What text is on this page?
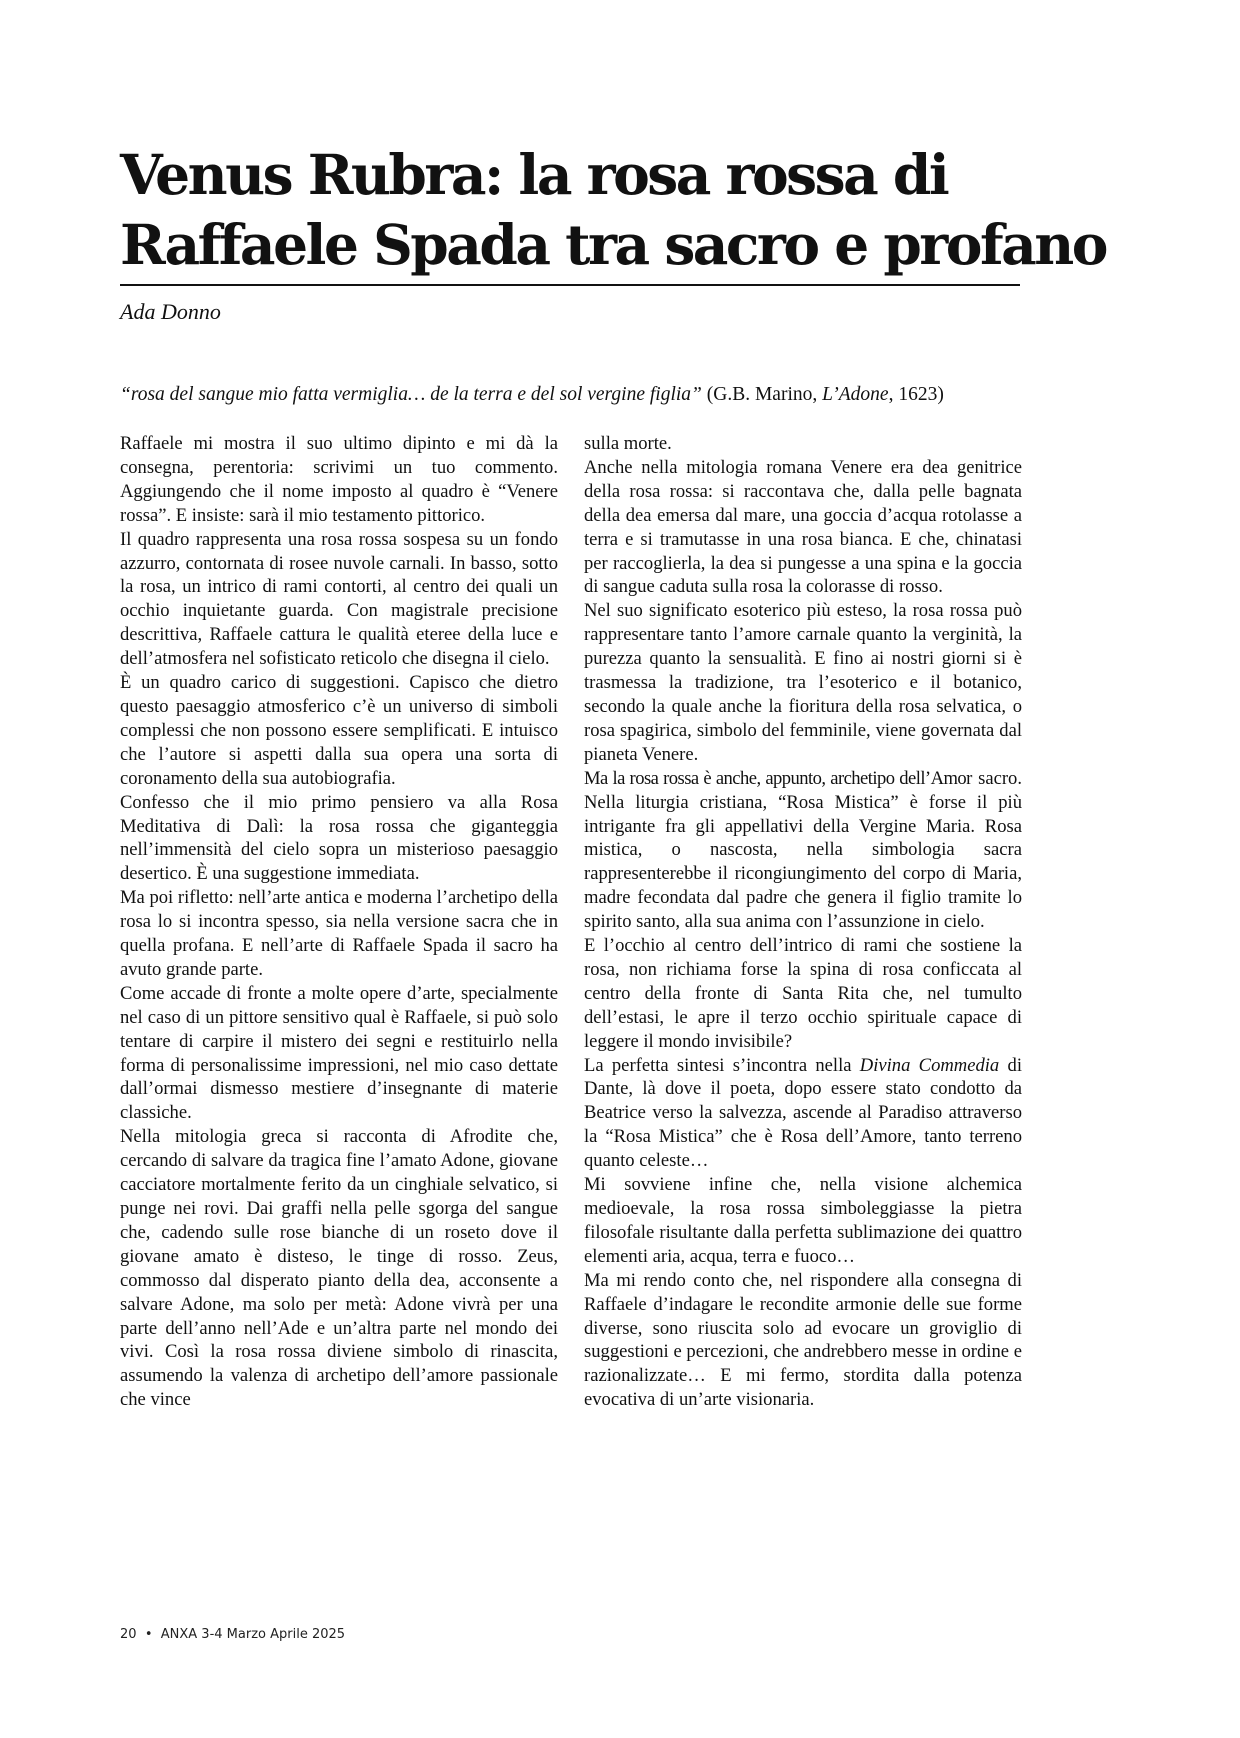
Venus Rubra: la rosa rossa di
Raffaele Spada tra sacro e profano
Ada Donno
“rosa del sangue mio fatta vermiglia… de la terra e del sol vergine figlia” (G.B. Marino, L’Adone, 1623)

Raffaele mi mostra il suo ultimo dipinto e mi dà la consegna, perentoria: scrivimi un tuo commento. Aggiungendo che il nome imposto al quadro è “Venere rossa”. E insiste: sarà il mio testamento pittorico.

Il quadro rappresenta una rosa rossa sospesa su un fondo azzurro, contornata di rosee nuvole carnali. In basso, sotto la rosa, un intrico di rami contorti, al centro dei quali un occhio inquietante guarda. Con magistrale precisione descrittiva, Raffaele cattura le qualità eteree della luce e dell’atmosfera nel sofisticato reticolo che disegna il cielo.

È un quadro carico di suggestioni. Capisco che dietro questo paesaggio atmosferico c’è un universo di simboli complessi che non possono essere semplificati. E intuisco che l’autore si aspetti dalla sua opera una sorta di coronamento della sua autobiografia.

Confesso che il mio primo pensiero va alla Rosa Meditativa di Dalì: la rosa rossa che giganteggia nell’immensità del cielo sopra un misterioso paesaggio desertico. È una suggestione immediata.

Ma poi rifletto: nell’arte antica e moderna l’archetipo della rosa lo si incontra spesso, sia nella versione sacra che in quella profana. E nell’arte di Raffaele Spada il sacro ha avuto grande parte.

Come accade di fronte a molte opere d’arte, specialmente nel caso di un pittore sensitivo qual è Raffaele, si può solo tentare di carpire il mistero dei segni e restituirlo nella forma di personalissime impressioni, nel mio caso dettate dall’ormai dismesso mestiere d’insegnante di materie classiche.

Nella mitologia greca si racconta di Afrodite che, cercando di salvare da tragica fine l’amato Adone, giovane cacciatore mortalmente ferito da un cinghiale selvatico, si punge nei rovi. Dai graffi nella pelle sgorga del sangue che, cadendo sulle rose bianche di un roseto dove il giovane amato è disteso, le tinge di rosso. Zeus, commosso dal disperato pianto della dea, acconsente a salvare Adone, ma solo per metà: Adone vivrà per una parte dell’anno nell’Ade e un’altra parte nel mondo dei vivi. Così la rosa rossa diviene simbolo di rinascita, assumendo la valenza di archetipo dell’amore passionale che vince

sulla morte.

Anche nella mitologia romana Venere era dea genitrice della rosa rossa: si raccontava che, dalla pelle bagnata della dea emersa dal mare, una goccia d’acqua rotolasse a terra e si tramutasse in una rosa bianca. E che, chinatasi per raccoglierla, la dea si pungesse a una spina e la goccia di sangue caduta sulla rosa la colorasse di rosso.

Nel suo significato esoterico più esteso, la rosa rossa può rappresentare tanto l’amore carnale quanto la verginità, la purezza quanto la sensualità. E fino ai nostri giorni si è trasmessa la tradizione, tra l’esoterico e il botanico, secondo la quale anche la fioritura della rosa selvatica, o rosa spagirica, simbolo del femminile, viene governata dal pianeta Venere.

Ma la rosa rossa è anche, appunto, archetipo dell’Amor sacro. Nella liturgia cristiana, “Rosa Mistica” è forse il più intrigante fra gli appellativi della Vergine Maria. Rosa mistica, o nascosta, nella simbologia sacra rappresenterebbe il ricongiungimento del corpo di Maria, madre fecondata dal padre che genera il figlio tramite lo spirito santo, alla sua anima con l’assunzione in cielo.

E l’occhio al centro dell’intrico di rami che sostiene la rosa, non richiama forse la spina di rosa conficcata al centro della fronte di Santa Rita che, nel tumulto dell’estasi, le apre il terzo occhio spirituale capace di leggere il mondo invisibile?

La perfetta sintesi s’incontra nella Divina Commedia di Dante, là dove il poeta, dopo essere stato condotto da Beatrice verso la salvezza, ascende al Paradiso attraverso la “Rosa Mistica” che è Rosa dell’Amore, tanto terreno quanto celeste…

Mi sovviene infine che, nella visione alchemica medioevale, la rosa rossa simboleggiasse la pietra filosofale risultante dalla perfetta sublimazione dei quattro elementi aria, acqua, terra e fuoco…

Ma mi rendo conto che, nel rispondere alla consegna di Raffaele d’indagare le recondite armonie delle sue forme diverse, sono riuscita solo ad evocare un groviglio di suggestioni e percezioni, che andrebbero messe in ordine e razionalizzate… E mi fermo, stordita dalla potenza evocativa di un’arte visionaria.

20 • ANXA 3-4 Marzo Aprile 2025
